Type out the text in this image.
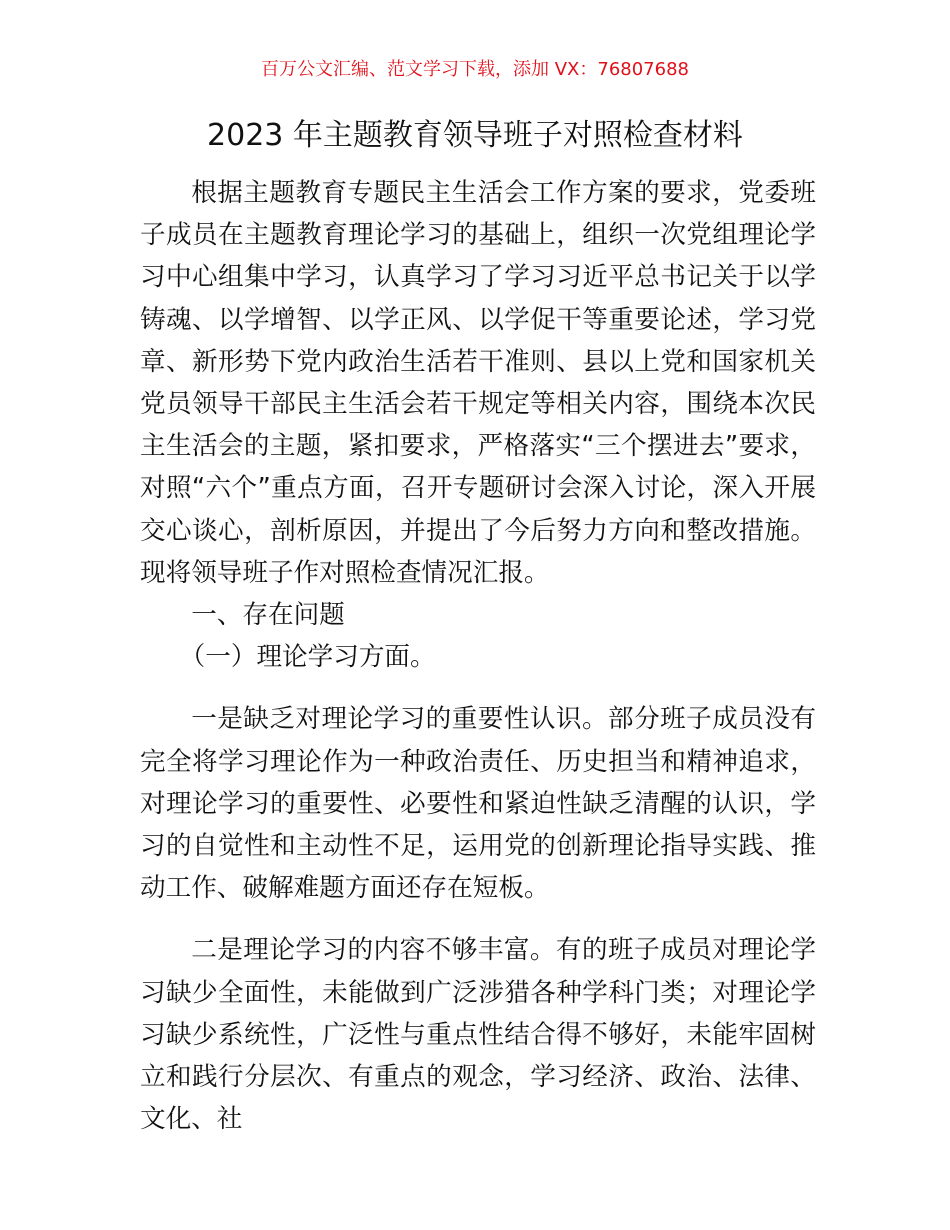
百万公文汇编、范文学习下载，添加 VX：76807688
2023 年主题教育领导班子对照检查材料

根据主题教育专题民主生活会工作方案的要求，党委班子成员在主题教育理论学习的基础上，组织一次党组理论学习中心组集中学习，认真学习了学习习近平总书记关于以学铸魂、以学增智、以学正风、以学促干等重要论述，学习党章、新形势下党内政治生活若干准则、县以上党和国家机关党员领导干部民主生活会若干规定等相关内容，围绕本次民主生活会的主题，紧扣要求，严格落实“三个摆进去”要求，对照“六个”重点方面，召开专题研讨会深入讨论，深入开展交心谈心，剖析原因，并提出了今后努力方向和整改措施。现将领导班子作对照检查情况汇报。

一、存在问题

（一）理论学习方面。

一是缺乏对理论学习的重要性认识。部分班子成员没有完全将学习理论作为一种政治责任、历史担当和精神追求，对理论学习的重要性、必要性和紧迫性缺乏清醒的认识，学习的自觉性和主动性不足，运用党的创新理论指导实践、推动工作、破解难题方面还存在短板。

二是理论学习的内容不够丰富。有的班子成员对理论学习缺少全面性，未能做到广泛涉猎各种学科门类；对理论学习缺少系统性，广泛性与重点性结合得不够好，未能牢固树立和践行分层次、有重点的观念，学习经济、政治、法律、文化、社
